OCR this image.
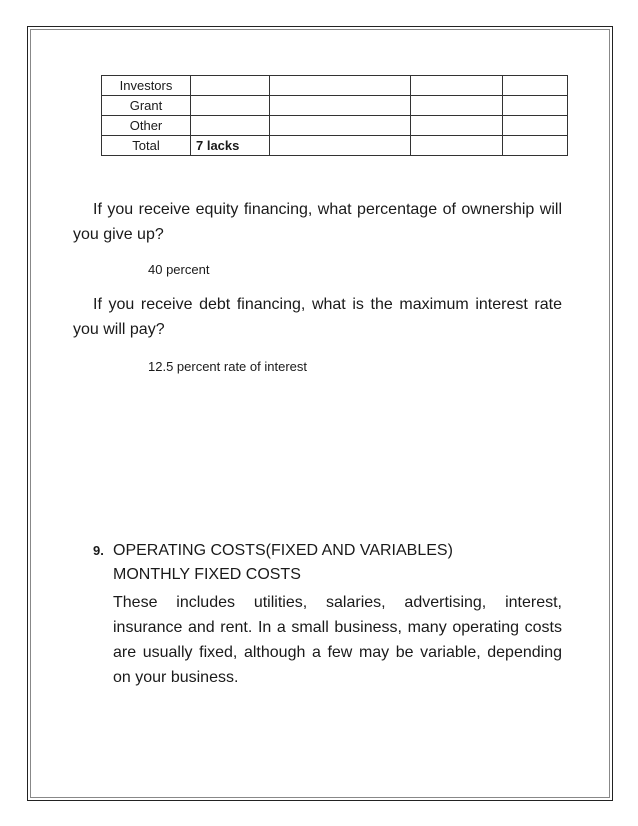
Investors				
Grant				
Other				
Total	7 lacks			

If you receive equity financing, what percentage of ownership will you give up?

40 percent

If you receive debt financing, what is the maximum interest rate you will pay?

12.5 percent rate of interest

9. OPERATING COSTS(FIXED AND VARIABLES)
MONTHLY FIXED COSTS

These includes utilities, salaries, advertising, interest, insurance and rent. In a small business, many operating costs are usually fixed, although a few may be variable, depending on your business.
